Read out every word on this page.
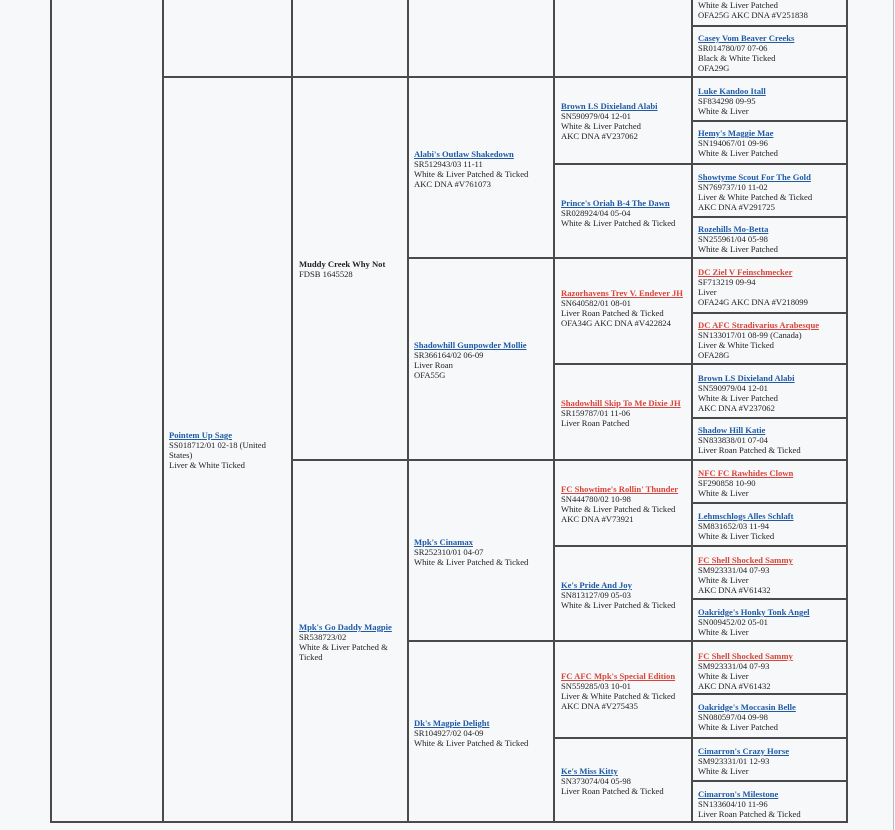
Pointem Up Sage
SS018712/01 02-18 (United States)
Liver & White Ticked
Muddy Creek Why Not
FDSB 1645528
Mpk's Go Daddy Magpie
SR538723/02
White & Liver Patched & Ticked
Alabi's Outlaw Shakedown
SR512943/03 11-11
White & Liver Patched & Ticked
AKC DNA #V761073
Shadowhill Gunpowder Mollie
SR366164/02 06-09
Liver Roan
OFA55G
Mpk's Cinamax
SR252310/01 04-07
White & Liver Patched & Ticked
Dk's Magpie Delight
SR104927/02 04-09
White & Liver Patched & Ticked
Brown LS Dixieland Alabi
SN590979/04 12-01
White & Liver Patched
AKC DNA #V237062
Prince's Oriah B-4 The Dawn
SR028924/04 05-04
White & Liver Patched & Ticked
Razorhavens Trev V. Endever JH
SN640582/01 08-01
Liver Roan Patched & Ticked
OFA34G AKC DNA #V422824
Shadowhill Skip To Me Dixie JH
SR159787/01 11-06
Liver Roan Patched
FC Showtime's Rollin' Thunder
SN444780/02 10-98
White & Liver Patched & Ticked
AKC DNA #V73921
Ke's Pride And Joy
SN813127/09 05-03
White & Liver Patched & Ticked
FC AFC Mpk's Special Edition
SN559285/03 10-01
Liver & White Patched & Ticked
AKC DNA #V275435
Ke's Miss Kitty
SN373074/04 05-98
Liver Roan Patched & Ticked
White & Liver Patched
OFA25G AKC DNA #V251838
Casey Vom Beaver Creeks
SR014780/07 07-06
Black & White Ticked
OFA29G
Luke Kandoo Itall
SF834298 09-95
White & Liver
Hemy's Maggie Mae
SN194067/01 09-96
White & Liver Patched
Showtyme Scout For The Gold
SN769737/10 11-02
Liver & White Patched & Ticked
AKC DNA #V291725
Rozehills Mo-Betta
SN255961/04 05-98
White & Liver Patched
DC Ziel V Feinschmecker
SF713219 09-94
Liver
OFA24G AKC DNA #V218099
DC AFC Stradivarius Arabesque
SN133017/01 08-99 (Canada)
Liver & White Ticked
OFA28G
Brown LS Dixieland Alabi
SN590979/04 12-01
White & Liver Patched
AKC DNA #V237062
Shadow Hill Katie
SN833838/01 07-04
Liver Roan Patched & Ticked
NFC FC Rawhides Clown
SF290858 10-90
White & Liver
Lehmschlogs Alles Schlaft
SM831652/03 11-94
White & Liver Ticked
FC Shell Shocked Sammy
SM923331/04 07-93
White & Liver
AKC DNA #V61432
Oakridge's Honky Tonk Angel
SN009452/02 05-01
White & Liver
FC Shell Shocked Sammy
SM923331/04 07-93
White & Liver
AKC DNA #V61432
Oakridge's Moccasin Belle
SN080597/04 09-98
White & Liver Patched
Cimarron's Crazy Horse
SM923331/01 12-93
White & Liver
Cimarron's Milestone
SN133604/10 11-96
Liver Roan Patched & Ticked
